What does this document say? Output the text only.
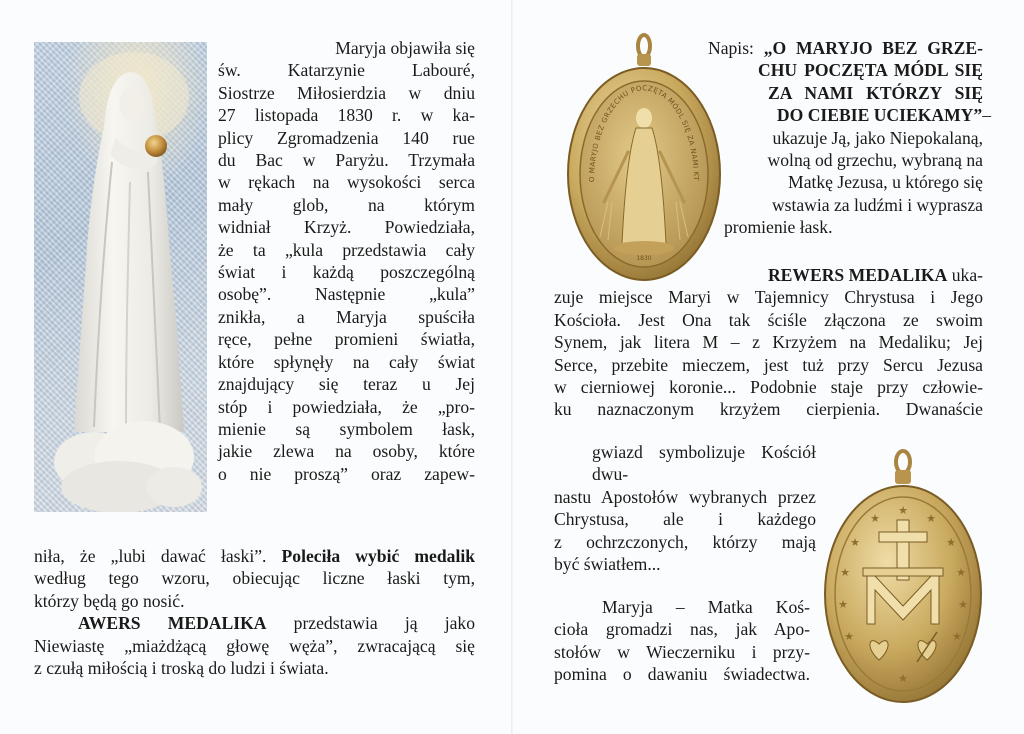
Maryja objawiła się
św. Katarzynie Labouré,
Siostrze Miłosierdzia w dniu
27 listopada 1830 r. w ka-
plicy Zgromadzenia 140 rue
du Bac w Paryżu. Trzymała
w rękach na wysokości serca
mały glob, na którym
widniał Krzyż. Powiedziała,
że ta „kula przedstawia cały
świat i każdą poszczególną
osobę”. Następnie „kula”
znikła, a Maryja spuściła
ręce, pełne promieni światła,
które spłynęły na cały świat
znajdujący się teraz u Jej
stóp i powiedziała, że „pro-
mienie są symbolem łask,
jakie zlewa na osoby, które
o nie proszą” oraz zapew-
niła, że „lubi dawać łaski”. Poleciła wybić medalik
według tego wzoru, obiecując liczne łaski tym,
którzy będą go nosić.
AWERS MEDALIKA przedstawia ją jako
Niewiastę „miażdżącą głowę węża”, zwracającą się
z czułą miłością i troską do ludzi i świata.
O MARYJO BEZ GRZECHU POCZĘTA MÓDL SIĘ ZA NAMI KT
1830
★
★
★
★
★
★
★
★
★
★
★
★
Napis: „O MARYJO BEZ GRZE-
CHU POCZĘTA MÓDL SIĘ
ZA NAMI KTÓRZY SIĘ
DO CIEBIE UCIEKAMY”–
ukazuje Ją, jako Niepokalaną,
wolną od grzechu, wybraną na
Matkę Jezusa, u którego się
wstawia za ludźmi i wyprasza
promienie łask.
REWERS MEDALIKA uka-
zuje miejsce Maryi w Tajemnicy Chrystusa i Jego
Kościoła. Jest Ona tak ściśle złączona ze swoim
Synem, jak litera M – z Krzyżem na Medaliku; Jej
Serce, przebite mieczem, jest tuż przy Sercu Jezusa
w cierniowej koronie... Podobnie staje przy człowie-
ku naznaczonym krzyżem cierpienia. Dwanaście
gwiazd symbolizuje Kościół dwu-
nastu Apostołów wybranych przez
Chrystusa, ale i każdego
z ochrzczonych, którzy mają
być światłem...
Maryja – Matka Koś-
cioła gromadzi nas, jak Apo-
stołów w Wieczerniku i przy-
pomina o dawaniu świadectwa.
